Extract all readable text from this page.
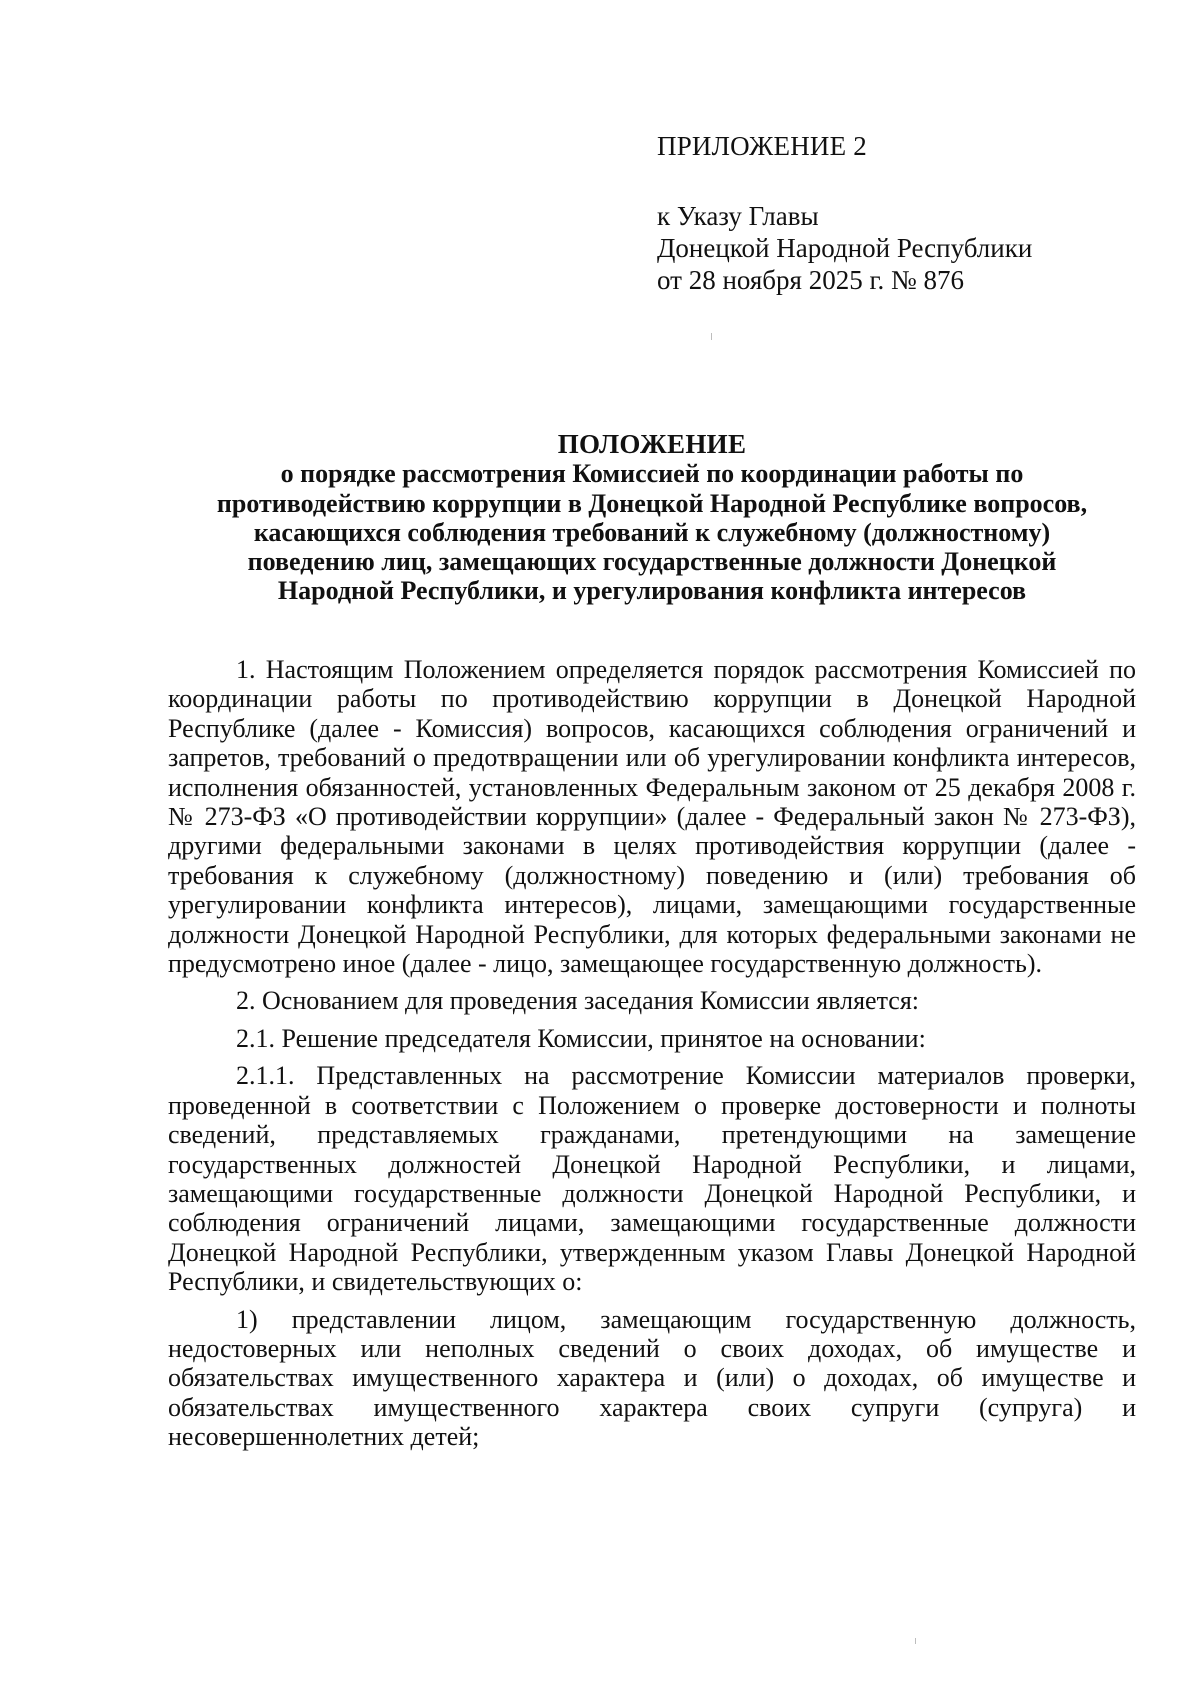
ПРИЛОЖЕНИЕ 2
к Указу Главы
Донецкой Народной Республики
от 28 ноября 2025 г. № 876
ПОЛОЖЕНИЕ
о порядке рассмотрения Комиссией по координации работы по
противодействию коррупции в Донецкой Народной Республике вопросов,
касающихся соблюдения требований к служебному (должностному)
поведению лиц, замещающих государственные должности Донецкой
Народной Республики, и урегулирования конфликта интересов

1. Настоящим Положением определяется порядок рассмотрения Комиссией по координации работы по противодействию коррупции в Донецкой Народной Республике (далее - Комиссия) вопросов, касающихся соблюдения ограничений и запретов, требований о предотвращении или об урегулировании конфликта интересов, исполнения обязанностей, установленных Федеральным законом от 25 декабря 2008 г. № 273-ФЗ «О противодействии коррупции» (далее - Федеральный закон № 273-ФЗ), другими федеральными законами в целях противодействия коррупции (далее - требования к служебному (должностному) поведению и (или) требования об урегулировании конфликта интересов), лицами, замещающими государственные должности Донецкой Народной Республики, для которых федеральными законами не предусмотрено иное (далее - лицо, замещающее государственную должность).

2. Основанием для проведения заседания Комиссии является:

2.1. Решение председателя Комиссии, принятое на основании:

2.1.1. Представленных на рассмотрение Комиссии материалов проверки, проведенной в соответствии с Положением о проверке достоверности и полноты сведений, представляемых гражданами, претендующими на замещение государственных должностей Донецкой Народной Республики, и лицами, замещающими государственные должности Донецкой Народной Республики, и соблюдения ограничений лицами, замещающими государственные должности Донецкой Народной Республики, утвержденным указом Главы Донецкой Народной Республики, и свидетельствующих о:

1) представлении лицом, замещающим государственную должность, недостоверных или неполных сведений о своих доходах, об имуществе и обязательствах имущественного характера и (или) о доходах, об имуществе и обязательствах имущественного характера своих супруги (супруга) и несовершеннолетних детей;
